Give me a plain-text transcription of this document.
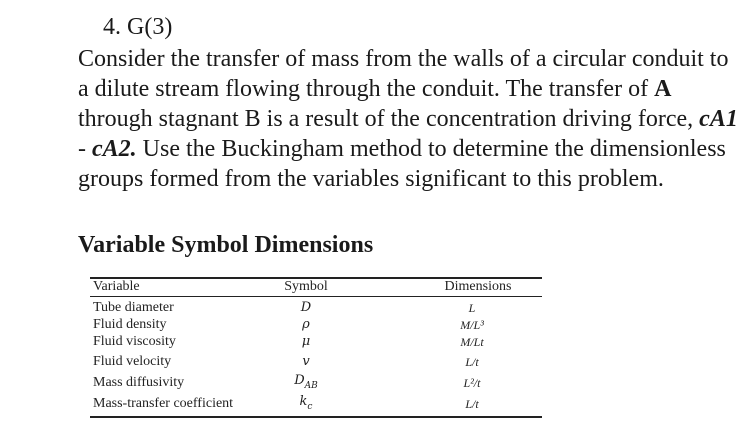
4. G(3)
Consider the transfer of mass from the walls of a circular conduit to a dilute stream flowing through the conduit. The transfer of A through stagnant B is a result of the concentration driving force, cA1 - cA2. Use the Buckingham method to determine the dimensionless groups formed from the variables significant to this problem.
Variable Symbol Dimensions
Variable	Symbol	Dimensions
Tube diameter	D	L
Fluid density	ρ	M/L³
Fluid viscosity	μ	M/Lt
Fluid velocity	v	L/t
Mass diffusivity	$D_{AB}$	L²/t
Mass-transfer coefficient	$k_c$	L/t
